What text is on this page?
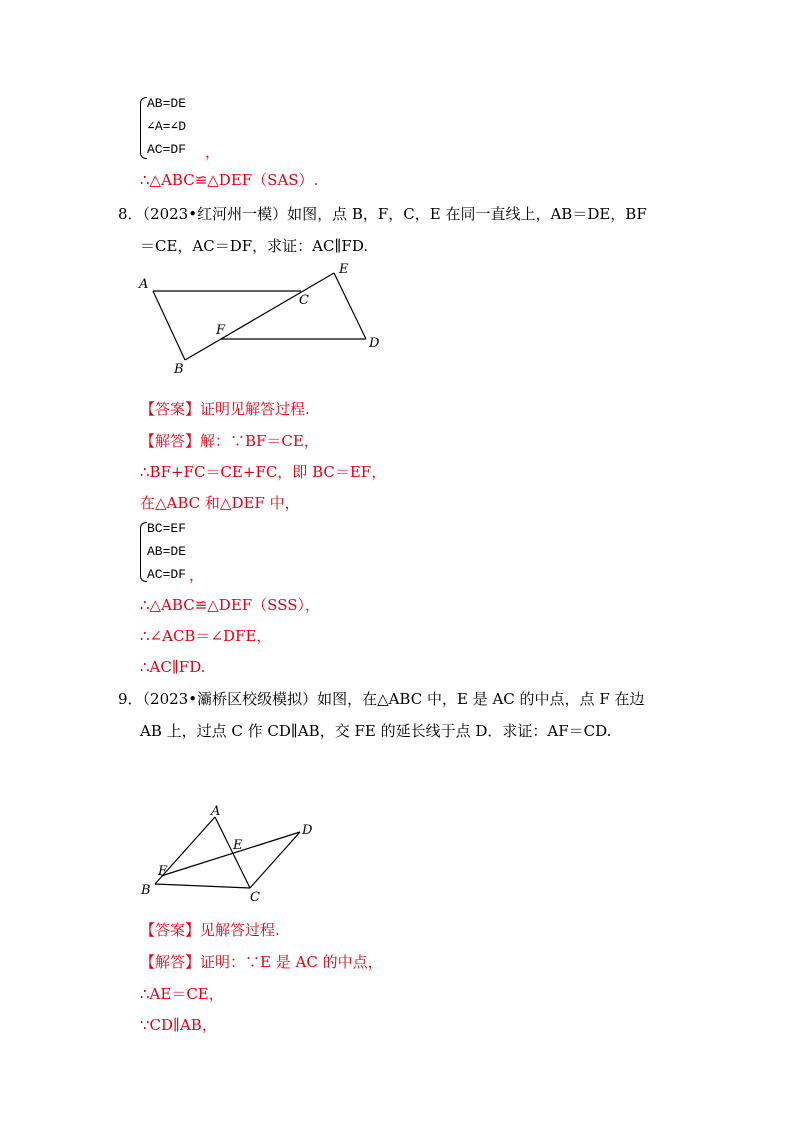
AB=DE
∠A=∠D
AC=DF ，
∴△ABC≌△DEF（SAS）.
8．（2023•红河州一模）如图，点 B，F，C，E 在同一直线上，AB＝DE，BF
＝CE，AC＝DF，求证：AC∥FD.
A
B
C
D
E
F
【答案】证明见解答过程.
【解答】解：∵BF＝CE，
∴BF+FC＝CE+FC，即 BC＝EF，
在△ABC 和△DEF 中，
BC=EF
AB=DE
AC=DF ，
∴△ABC≌△DEF（SSS），
∴∠ACB＝∠DFE，
∴AC∥FD.
9．（2023•灞桥区校级模拟）如图，在△ABC 中，E 是 AC 的中点，点 F 在边
AB 上，过点 C 作 CD∥AB，交 FE 的延长线于点 D．求证：AF＝CD.
A
B	C
D
E
F
【答案】见解答过程.
【解答】证明：∵E 是 AC 的中点，
∴AE＝CE，
∵CD∥AB，
